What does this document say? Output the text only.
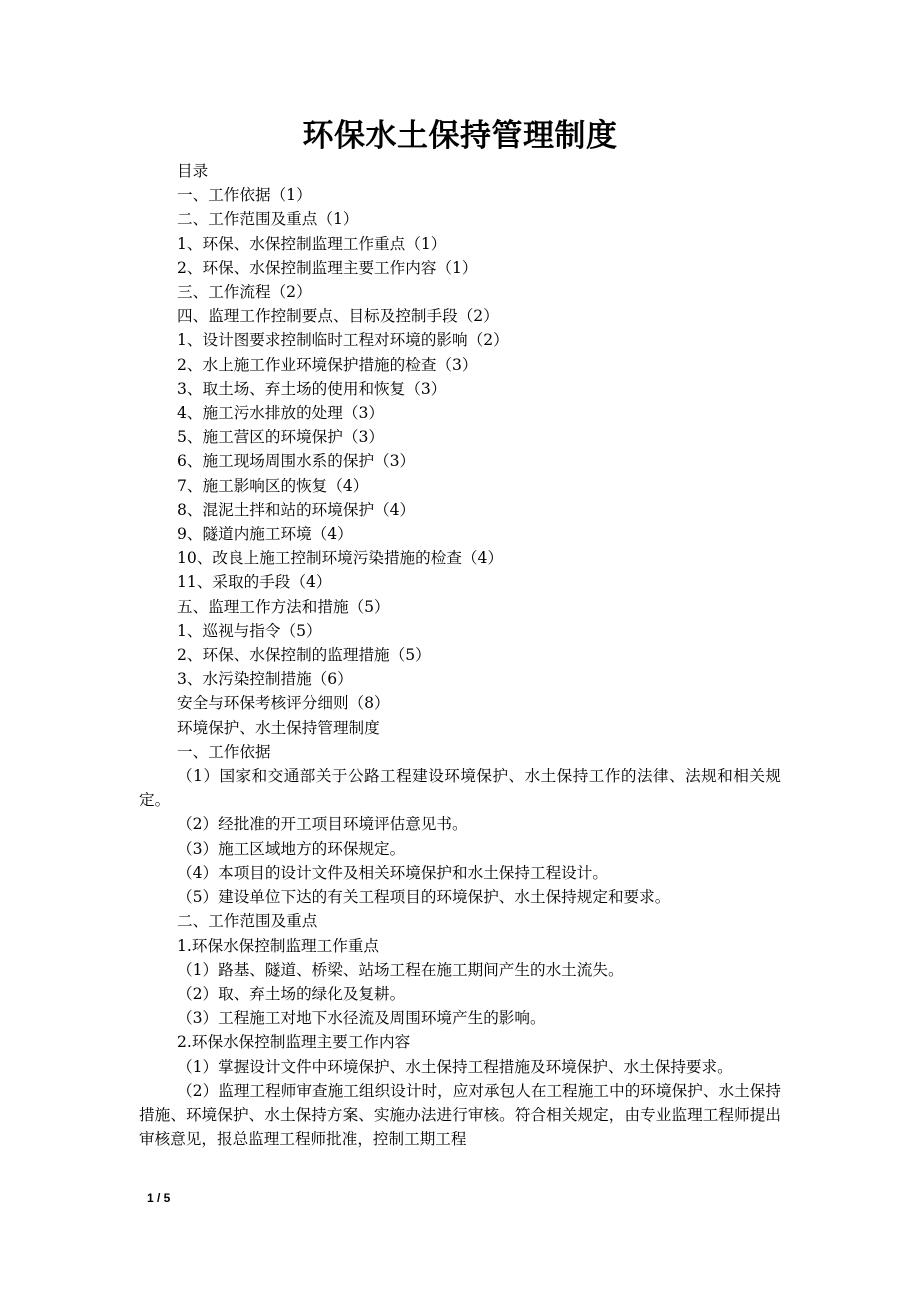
环保水土保持管理制度
目录
一、工作依据（1）
二、工作范围及重点（1）
1、环保、水保控制监理工作重点（1）
2、环保、水保控制监理主要工作内容（1）
三、工作流程（2）
四、监理工作控制要点、目标及控制手段（2）
1、设计图要求控制临时工程对环境的影响（2）
2、水上施工作业环境保护措施的检查（3）
3、取土场、弃土场的使用和恢复（3）
4、施工污水排放的处理（3）
5、施工营区的环境保护（3）
6、施工现场周围水系的保护（3）
7、施工影响区的恢复（4）
8、混泥土拌和站的环境保护（4）
9、隧道内施工环境（4）
10、改良上施工控制环境污染措施的检查（4）
11、采取的手段（4）
五、监理工作方法和措施（5）
1、巡视与指令（5）
2、环保、水保控制的监理措施（5）
3、水污染控制措施（6）
安全与环保考核评分细则（8）
环境保护、水土保持管理制度
一、工作依据
（1）国家和交通部关于公路工程建设环境保护、水土保持工作的法律、法规和相关规定。
（2）经批准的开工项目环境评估意见书。
（3）施工区域地方的环保规定。
（4）本项目的设计文件及相关环境保护和水土保持工程设计。
（5）建设单位下达的有关工程项目的环境保护、水土保持规定和要求。
二、工作范围及重点
1.环保水保控制监理工作重点
（1）路基、隧道、桥梁、站场工程在施工期间产生的水土流失。
（2）取、弃土场的绿化及复耕。
（3）工程施工对地下水径流及周围环境产生的影响。
2.环保水保控制监理主要工作内容
（1）掌握设计文件中环境保护、水土保持工程措施及环境保护、水土保持要求。
（2）监理工程师审查施工组织设计时，应对承包人在工程施工中的环境保护、水土保持措施、环境保护、水土保持方案、实施办法进行审核。符合相关规定，由专业监理工程师提出审核意见，报总监理工程师批准，控制工期工程
1 / 5
